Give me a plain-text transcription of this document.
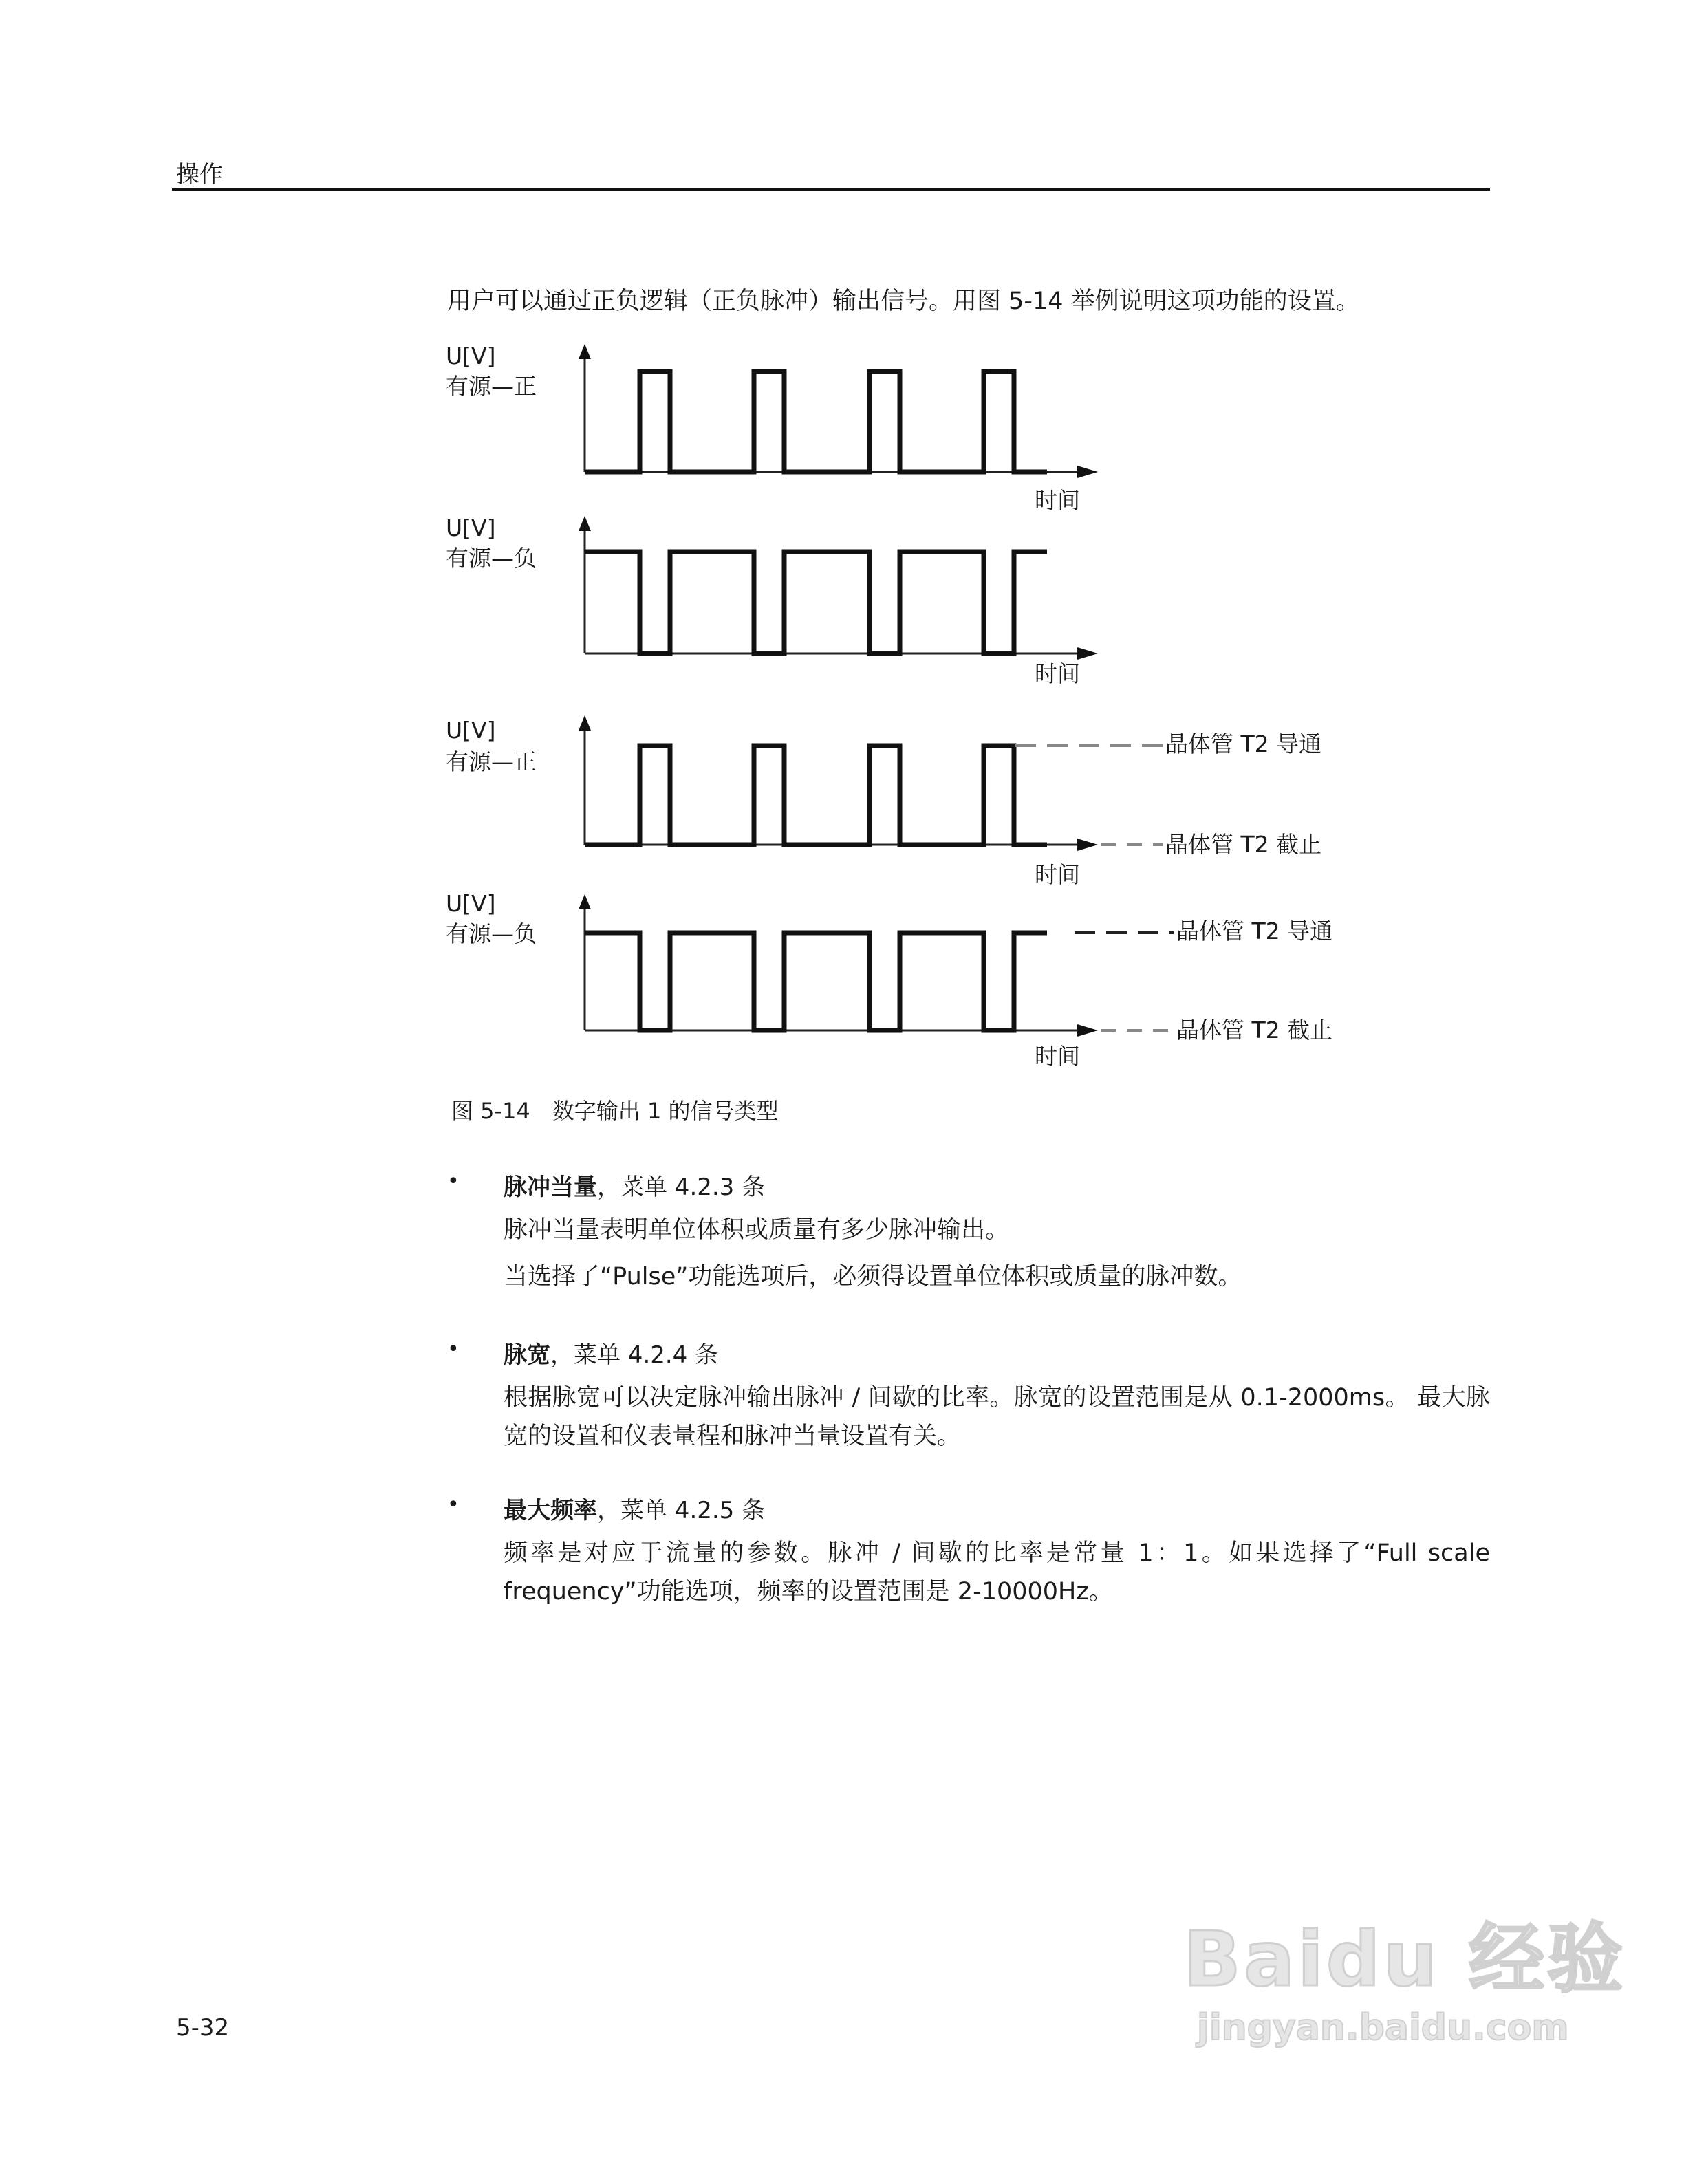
操作
用户可以通过正负逻辑（正负脉冲）输出信号。用图 5-14 举例说明这项功能的设置。
U[V]
有源—正
时间
U[V]
有源—负
时间
U[V]
有源—正
时间
晶体管 T2 导通
晶体管 T2 截止
U[V]
有源—负
时间
晶体管 T2 导通
晶体管 T2 截止
图 5-14　数字输出 1 的信号类型
• 脉冲当量，菜单 4.2.3 条
脉冲当量表明单位体积或质量有多少脉冲输出。
当选择了“Pulse”功能选项后，必须得设置单位体积或质量的脉冲数。
• 脉宽，菜单 4.2.4 条
根据脉宽可以决定脉冲输出脉冲 / 间歇的比率。脉宽的设置范围是从 0.1-2000ms。 最大脉宽的设置和仪表量程和脉冲当量设置有关。
• 最大频率，菜单 4.2.5 条
频率是对应于流量的参数。脉冲 / 间歇的比率是常量 1：1。如果选择了“Full scale frequency”功能选项，频率的设置范围是 2-10000Hz。
5-32
Baidu 经验
jingyan.baidu.com
